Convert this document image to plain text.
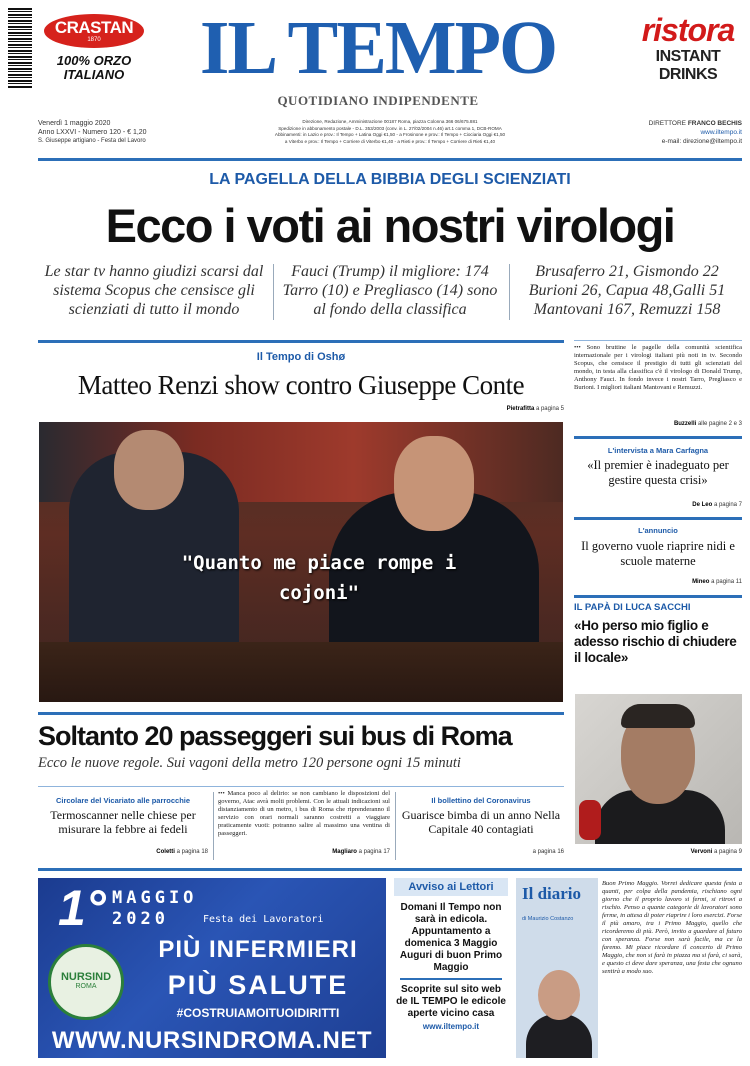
CRASTAN
1870
100% ORZO
ITALIANO IL TEMPO
QUOTIDIANO INDIPENDENTE
ristora
INSTANT DRINKS
Venerdì 1 maggio 2020
Anno LXXVI - Numero 120 - € 1,20
S. Giuseppe artigiano - Festa del Lavoro
Direzione, Redazione, Amministrazione 00187 Roma, piazza Colonna 366 06/675.881
Spedizione in abbonamento postale - D.L. 353/2003 (conv. in L. 27/02/2004 n.46) art.1 comma 1, DCB-ROMA
Abbinamenti: in Lazio e prov.: Il Tempo + Latina Oggi €1,50 - a Frosinone e prov.: Il Tempo + Ciociaria Oggi €1,50
a Viterbo e prov.: Il Tempo + Corriere di Viterbo €1,40 - a Rieti e prov.: Il Tempo + Corriere di Rieti €1,40
DIRETTORE FRANCO BECHIS
www.iltempo.it
e-mail: direzione@iltempo.it
LA PAGELLA DELLA BIBBIA DEGLI SCIENZIATI
Ecco i voti ai nostri virologi
Le star tv hanno giudizi scarsi dal sistema Scopus che censisce gli scienziati di tutto il mondo
Fauci (Trump) il migliore: 174 Tarro (10) e Pregliasco (14) sono al fondo della classifica
Brusaferro 21, Gismondo 22 Burioni 26, Capua 48,Galli 51 Mantovani 167, Remuzzi 158
Il Tempo di Oshø
Matteo Renzi show contro Giuseppe Conte
Pietrafitta a pagina 5
"Quanto me piace rompe i cojoni"
••• Sono bruttine le pagelle della comunità scientifica internazionale per i virologi italiani più noti in tv. Secondo Scopus, che censisce il prestigio di tutti gli scienziati del mondo, in testa alla classifica c'è il virologo di Donald Trump, Anthony Fauci. In fondo invece i nostri Tarro, Pregliasco e Burioni. I migliori italiani Mantovani e Remuzzi.
Buzzelli alle pagine 2 e 3
L'intervista a Mara Carfagna
«Il premier è inadeguato per gestire questa crisi»
De Leo a pagina 7
L'annuncio
Il governo vuole riaprire nidi e scuole materne
Mineo a pagina 11
IL PAPÀ DI LUCA SACCHI
«Ho perso mio figlio e adesso rischio di chiudere il locale»
Vervoni a pagina 9
Soltanto 20 passeggeri sui bus di Roma
Ecco le nuove regole. Sui vagoni della metro 120 persone ogni 15 minuti
Circolare del Vicariato alle parrocchie
Termoscanner nelle chiese per misurare la febbre ai fedeli
Coletti a pagina 18
••• Manca poco al delirio: se non cambiano le disposizioni del governo, Atac avrà molti problemi. Con le attuali indicazioni sul distanziamento di un metro, i bus di Roma che riprenderanno il servizio con orari normali saranno costretti a viaggiare praticamente vuoti: potranno salire al massimo una ventina di passeggeri.
Magliaro a pagina 17
Il bollettino del Coronavirus
Guarisce bimba di un anno Nella Capitale 40 contagiati
a pagina 16
1° MAGGIO
2020	Festa dei Lavoratori
NURSIND
ROMA
PIÙ INFERMIERI
PIÙ SALUTE
#COSTRUIAMOITUOIDIRITTI
WWW.NURSINDROMA.NET
Avviso ai Lettori
Domani Il Tempo non sarà in edicola. Appuntamento a domenica 3 Maggio Auguri di buon Primo Maggio
Scoprite sul sito web de IL TEMPO le edicole aperte vicino casa
www.iltempo.it
Il diario
di Maurizio Costanzo
Buon Primo Maggio. Vorrei dedicare questa festa a quanti, per colpa della pandemia, rischiano ogni giorno che il proprio lavoro si fermi, si ritrovi a rischio. Penso a quante categorie di lavoratori sono ferme, in attesa di poter riaprire i loro esercizi. Forse il più amaro, tra i Primo Maggio, quello che ricorderemo di più. Però, invito a guardare al futuro con speranza. Forse non sarà facile, ma ce la faremo. Mi piace ricordare il concerto di Primo Maggio, che non si farà in piazza ma si farà, ci sarà, e questo ci deve dare speranza, una festa che ognuno sentirà a modo suo.
